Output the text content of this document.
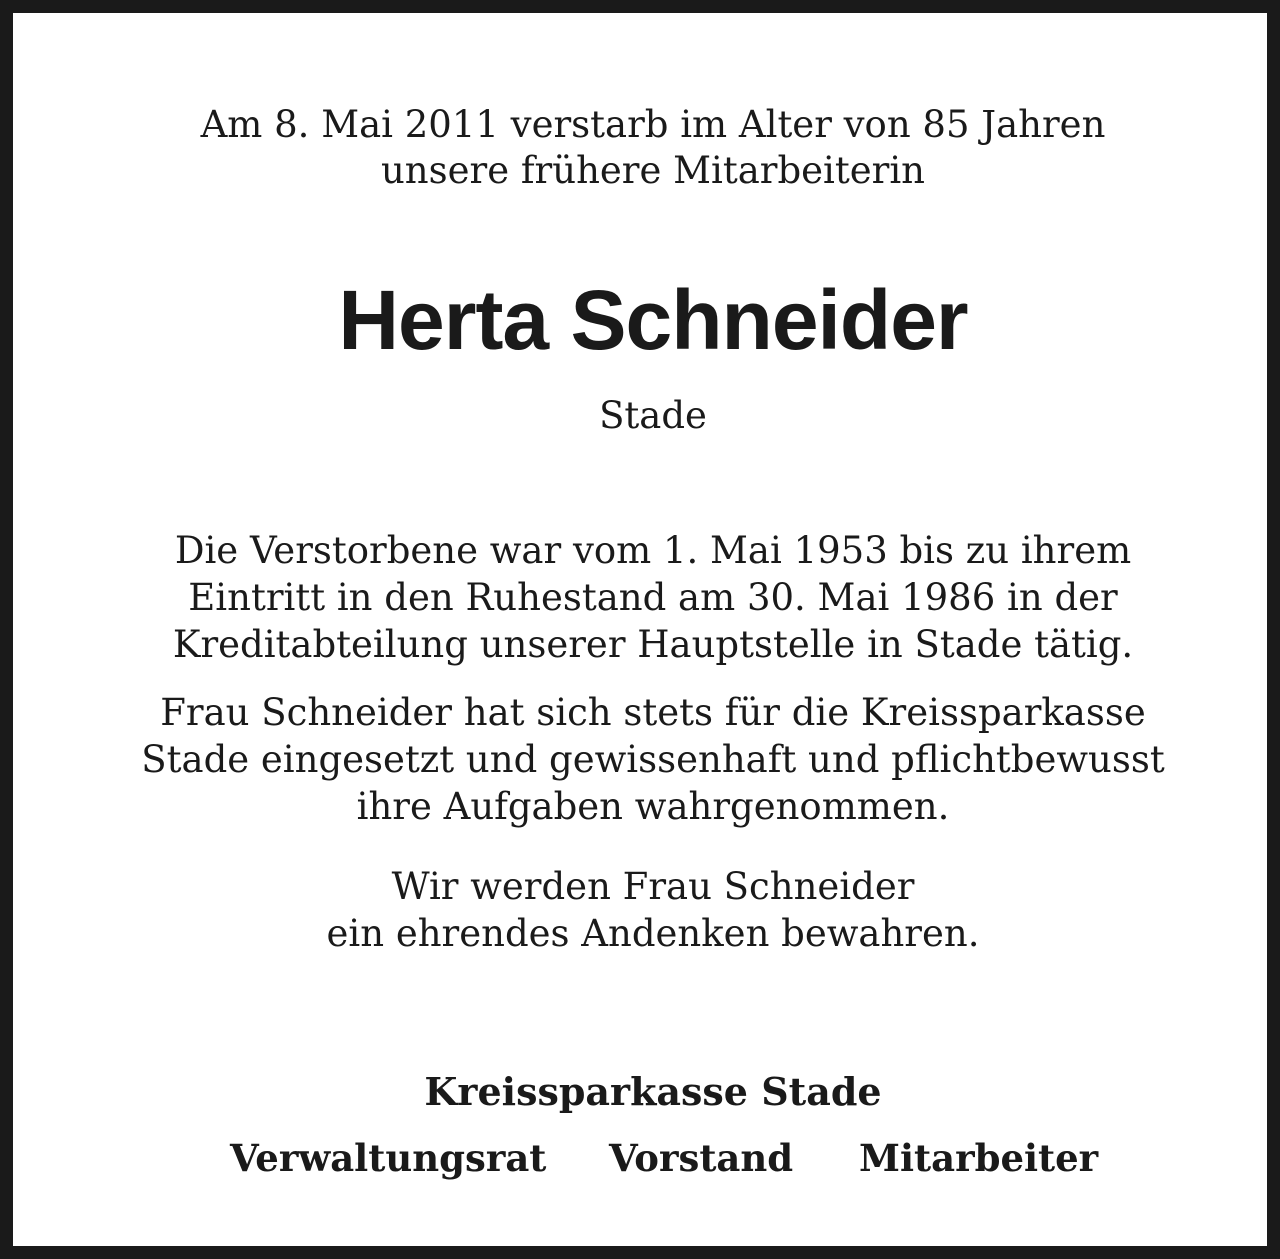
Am 8. Mai 2011 verstarb im Alter von 85 Jahren

unsere frühere Mitarbeiterin

Herta Schneider

Stade

Die Verstorbene war vom 1. Mai 1953 bis zu ihrem

Eintritt in den Ruhestand am 30. Mai 1986 in der

Kreditabteilung unserer Hauptstelle in Stade tätig.

Frau Schneider hat sich stets für die Kreissparkasse

Stade eingesetzt und gewissenhaft und pflichtbewusst

ihre Aufgaben wahrgenommen.

Wir werden Frau Schneider

ein ehrendes Andenken bewahren.

Kreissparkasse Stade

Verwaltungsrat Vorstand Mitarbeiter
